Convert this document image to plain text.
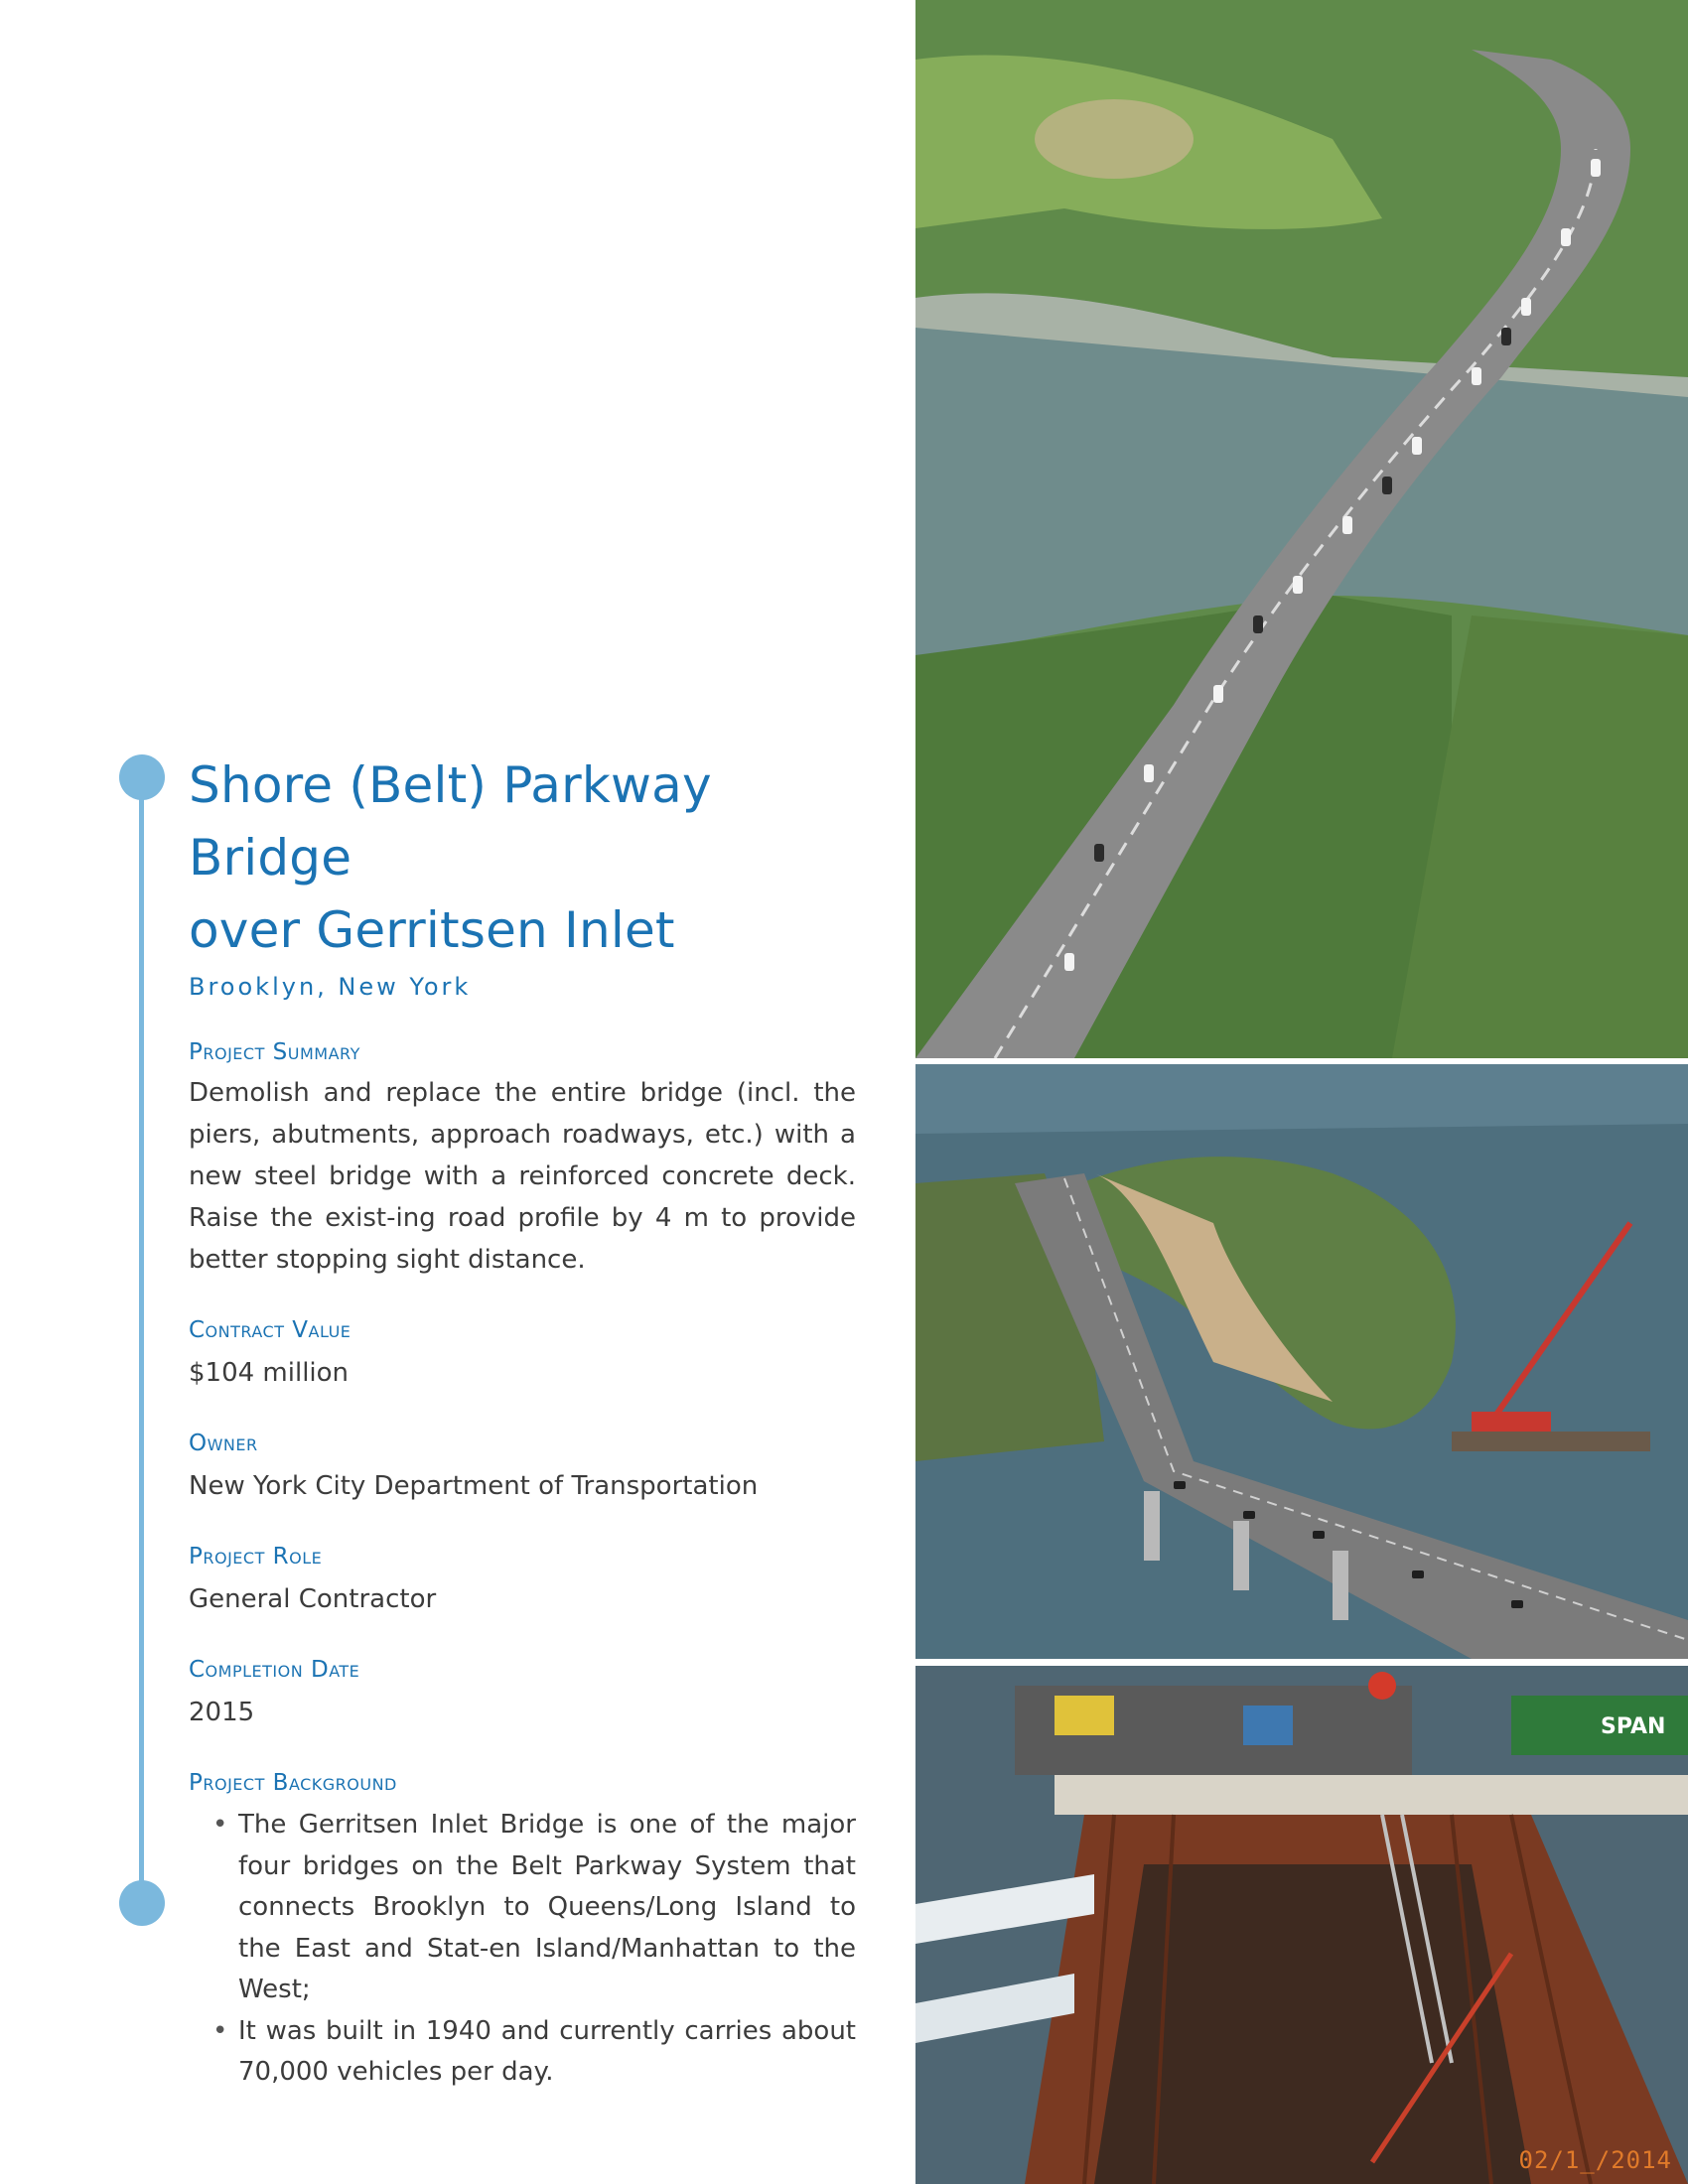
Shore (Belt) Parkway Bridge
over Gerritsen Inlet
Brooklyn, New York
Project Summary
Demolish and replace the entire bridge (incl. the piers, abutments, approach roadways, etc.) with a new steel bridge with a reinforced concrete deck. Raise the exist-ing road profile by 4 m to provide better stopping sight distance.
Contract Value
$104 million
Owner
New York City Department of Transportation
Project Role
General Contractor
Completion Date
2015
Project Background
• The Gerritsen Inlet Bridge is one of the major four bridges on the Belt Parkway System that connects Brooklyn to Queens/Long Island to the East and Stat-en Island/Manhattan to the West;
• It was built in 1940 and currently carries about 70,000 vehicles per day.
SPAN
02/1_/2014
